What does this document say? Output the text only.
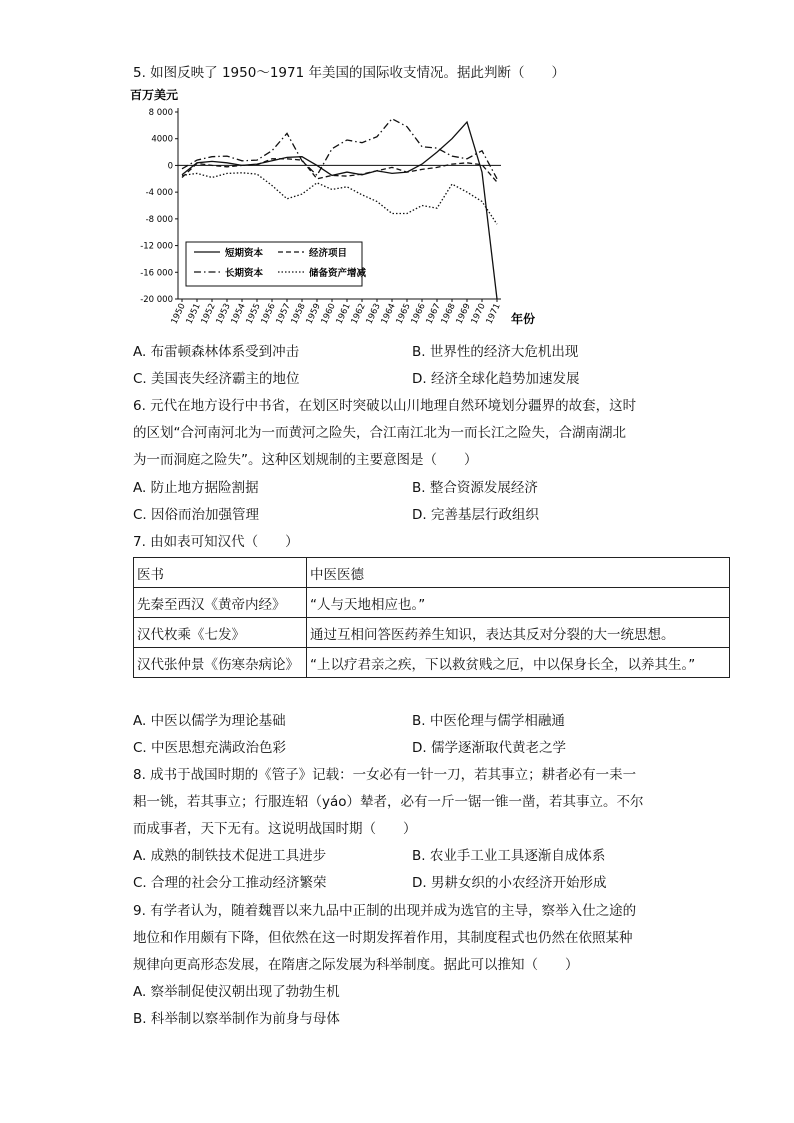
5. 如图反映了 1950～1971 年美国的国际收支情况。据此判断（　　）
百万美元
年份
8 000
4000
0
-4 000
-8 000
-12 000
-16 000
-20 000
1950
1951
1952
1953
1954
1955
1956
1957
1958
1959
1960
1961
1962
1963
1964
1965
1966
1967
1968
1969
1970
1971
短期资本	经济项目
长期资本	储备资产增减
A. 布雷顿森林体系受到冲击	B. 世界性的经济大危机出现
C. 美国丧失经济霸主的地位	D. 经济全球化趋势加速发展
6. 元代在地方设行中书省，在划区时突破以山川地理自然环境划分疆界的故套，这时
的区划“合河南河北为一而黄河之险失，合江南江北为一而长江之险失，合湖南湖北
为一而洞庭之险失”。这种区划规制的主要意图是（　　）
A. 防止地方据险割据	B. 整合资源发展经济
C. 因俗而治加强管理	D. 完善基层行政组织
7. 由如表可知汉代（　　）
医书	中医医德
先秦至西汉《黄帝内经》	“人与天地相应也。”
汉代枚乘《七发》	通过互相问答医药养生知识，表达其反对分裂的大一统思想。
汉代张仲景《伤寒杂病论》	“上以疗君亲之疾，下以救贫贱之厄，中以保身长全，以养其生。”
A. 中医以儒学为理论基础	B. 中医伦理与儒学相融通
C. 中医思想充满政治色彩	D. 儒学逐渐取代黄老之学
8. 成书于战国时期的《管子》记载：一女必有一针一刀，若其事立；耕者必有一耒一
耜一铫，若其事立；行服连轺（yáo）辇者，必有一斤一锯一锥一凿，若其事立。不尔
而成事者，天下无有。这说明战国时期（　　）
A. 成熟的制铁技术促进工具进步	B. 农业手工业工具逐渐自成体系
C. 合理的社会分工推动经济繁荣	D. 男耕女织的小农经济开始形成
9. 有学者认为，随着魏晋以来九品中正制的出现并成为选官的主导，察举入仕之途的
地位和作用颇有下降，但依然在这一时期发挥着作用，其制度程式也仍然在依照某种
规律向更高形态发展，在隋唐之际发展为科举制度。据此可以推知（　　）
A. 察举制促使汉朝出现了勃勃生机
B. 科举制以察举制作为前身与母体
